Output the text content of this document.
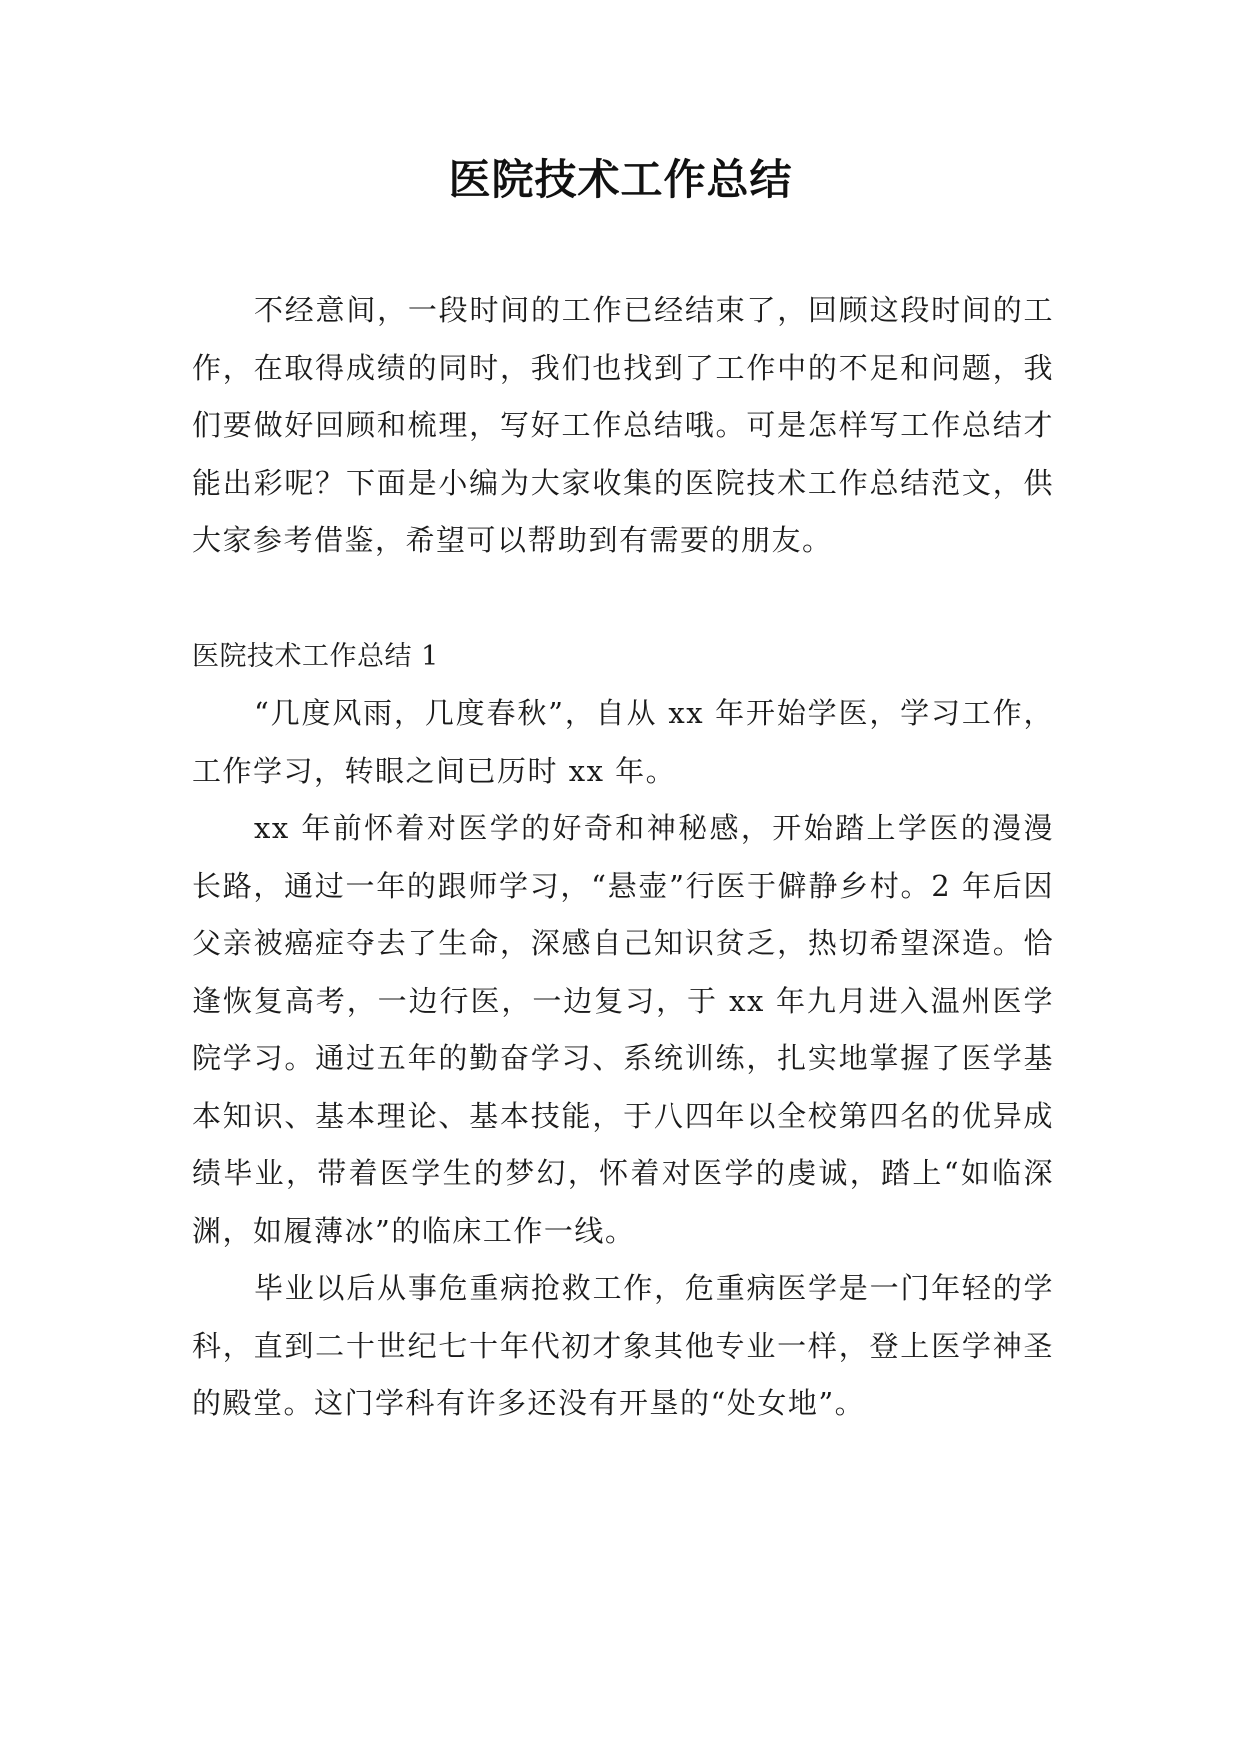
医院技术工作总结

不经意间，一段时间的工作已经结束了，回顾这段时间的工作，在取得成绩的同时，我们也找到了工作中的不足和问题，我们要做好回顾和梳理，写好工作总结哦。可是怎样写工作总结才能出彩呢？下面是小编为大家收集的医院技术工作总结范文，供大家参考借鉴，希望可以帮助到有需要的朋友。

医院技术工作总结 1

“几度风雨，几度春秋”，自从 xx 年开始学医，学习工作，工作学习，转眼之间已历时 xx 年。

xx 年前怀着对医学的好奇和神秘感，开始踏上学医的漫漫长路，通过一年的跟师学习，“悬壶”行医于僻静乡村。2 年后因父亲被癌症夺去了生命，深感自己知识贫乏，热切希望深造。恰逢恢复高考，一边行医，一边复习，于 xx 年九月进入温州医学院学习。通过五年的勤奋学习、系统训练，扎实地掌握了医学基本知识、基本理论、基本技能，于八四年以全校第四名的优异成绩毕业，带着医学生的梦幻，怀着对医学的虔诚，踏上“如临深渊，如履薄冰”的临床工作一线。

毕业以后从事危重病抢救工作，危重病医学是一门年轻的学科，直到二十世纪七十年代初才象其他专业一样，登上医学神圣的殿堂。这门学科有许多还没有开垦的“处女地”。
